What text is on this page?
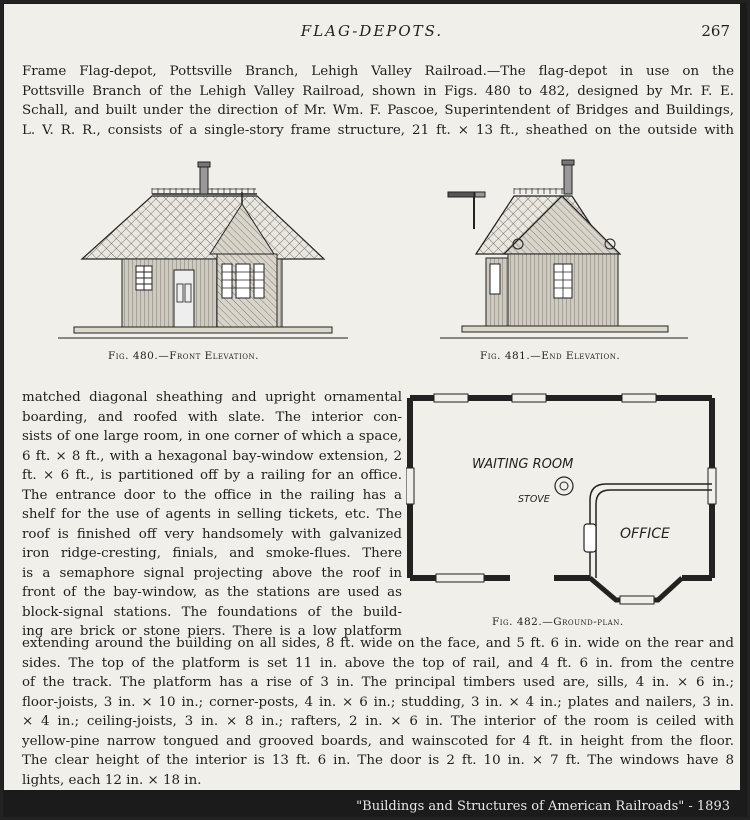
FLAG-DEPOTS.	267
Frame Flag-depot, Pottsville Branch, Lehigh Valley Railroad.—The flag-depot in use on the
Pottsville Branch of the Lehigh Valley Railroad, shown in Figs. 480 to 482, designed by Mr. F. E.
Schall, and built under the direction of Mr. Wm. F. Pascoe, Superintendent of Bridges and Buildings,
L. V. R. R., consists of a single-story frame structure, 21 ft. × 13 ft., sheathed on the outside with
Fig. 480.—Front Elevation.	Fig. 481.—End Elevation.
matched diagonal sheathing and upright ornamental
boarding, and roofed with slate. The interior con-
sists of one large room, in one corner of which a space,
6 ft. × 8 ft., with a hexagonal bay-window extension, 2
ft. × 6 ft., is partitioned off by a railing for an office.
The entrance door to the office in the railing has a
shelf for the use of agents in selling tickets, etc. The
roof is finished off very handsomely with galvanized
iron ridge-cresting, finials, and smoke-flues. There
is a semaphore signal projecting above the roof in
front of the bay-window, as the stations are used as
block-signal stations. The foundations of the build-
ing are brick or stone piers. There is a low platform
WAITING ROOM
STOVE
OFFICE
Fig. 482.—Ground-plan.
extending around the building on all sides, 8 ft. wide on the face, and 5 ft. 6 in. wide on the rear and
sides. The top of the platform is set 11 in. above the top of rail, and 4 ft. 6 in. from the centre
of the track. The platform has a rise of 3 in. The principal timbers used are, sills, 4 in. × 6 in.;
floor-joists, 3 in. × 10 in.; corner-posts, 4 in. × 6 in.; studding, 3 in. × 4 in.; plates and nailers, 3 in.
× 4 in.; ceiling-joists, 3 in. × 8 in.; rafters, 2 in. × 6 in. The interior of the room is ceiled with
yellow-pine narrow tongued and grooved boards, and wainscoted for 4 ft. in height from the floor.
The clear height of the interior is 13 ft. 6 in. The door is 2 ft. 10 in. × 7 ft. The windows have 8
lights, each 12 in. × 18 in.
"Buildings and Structures of American Railroads" - 1893
